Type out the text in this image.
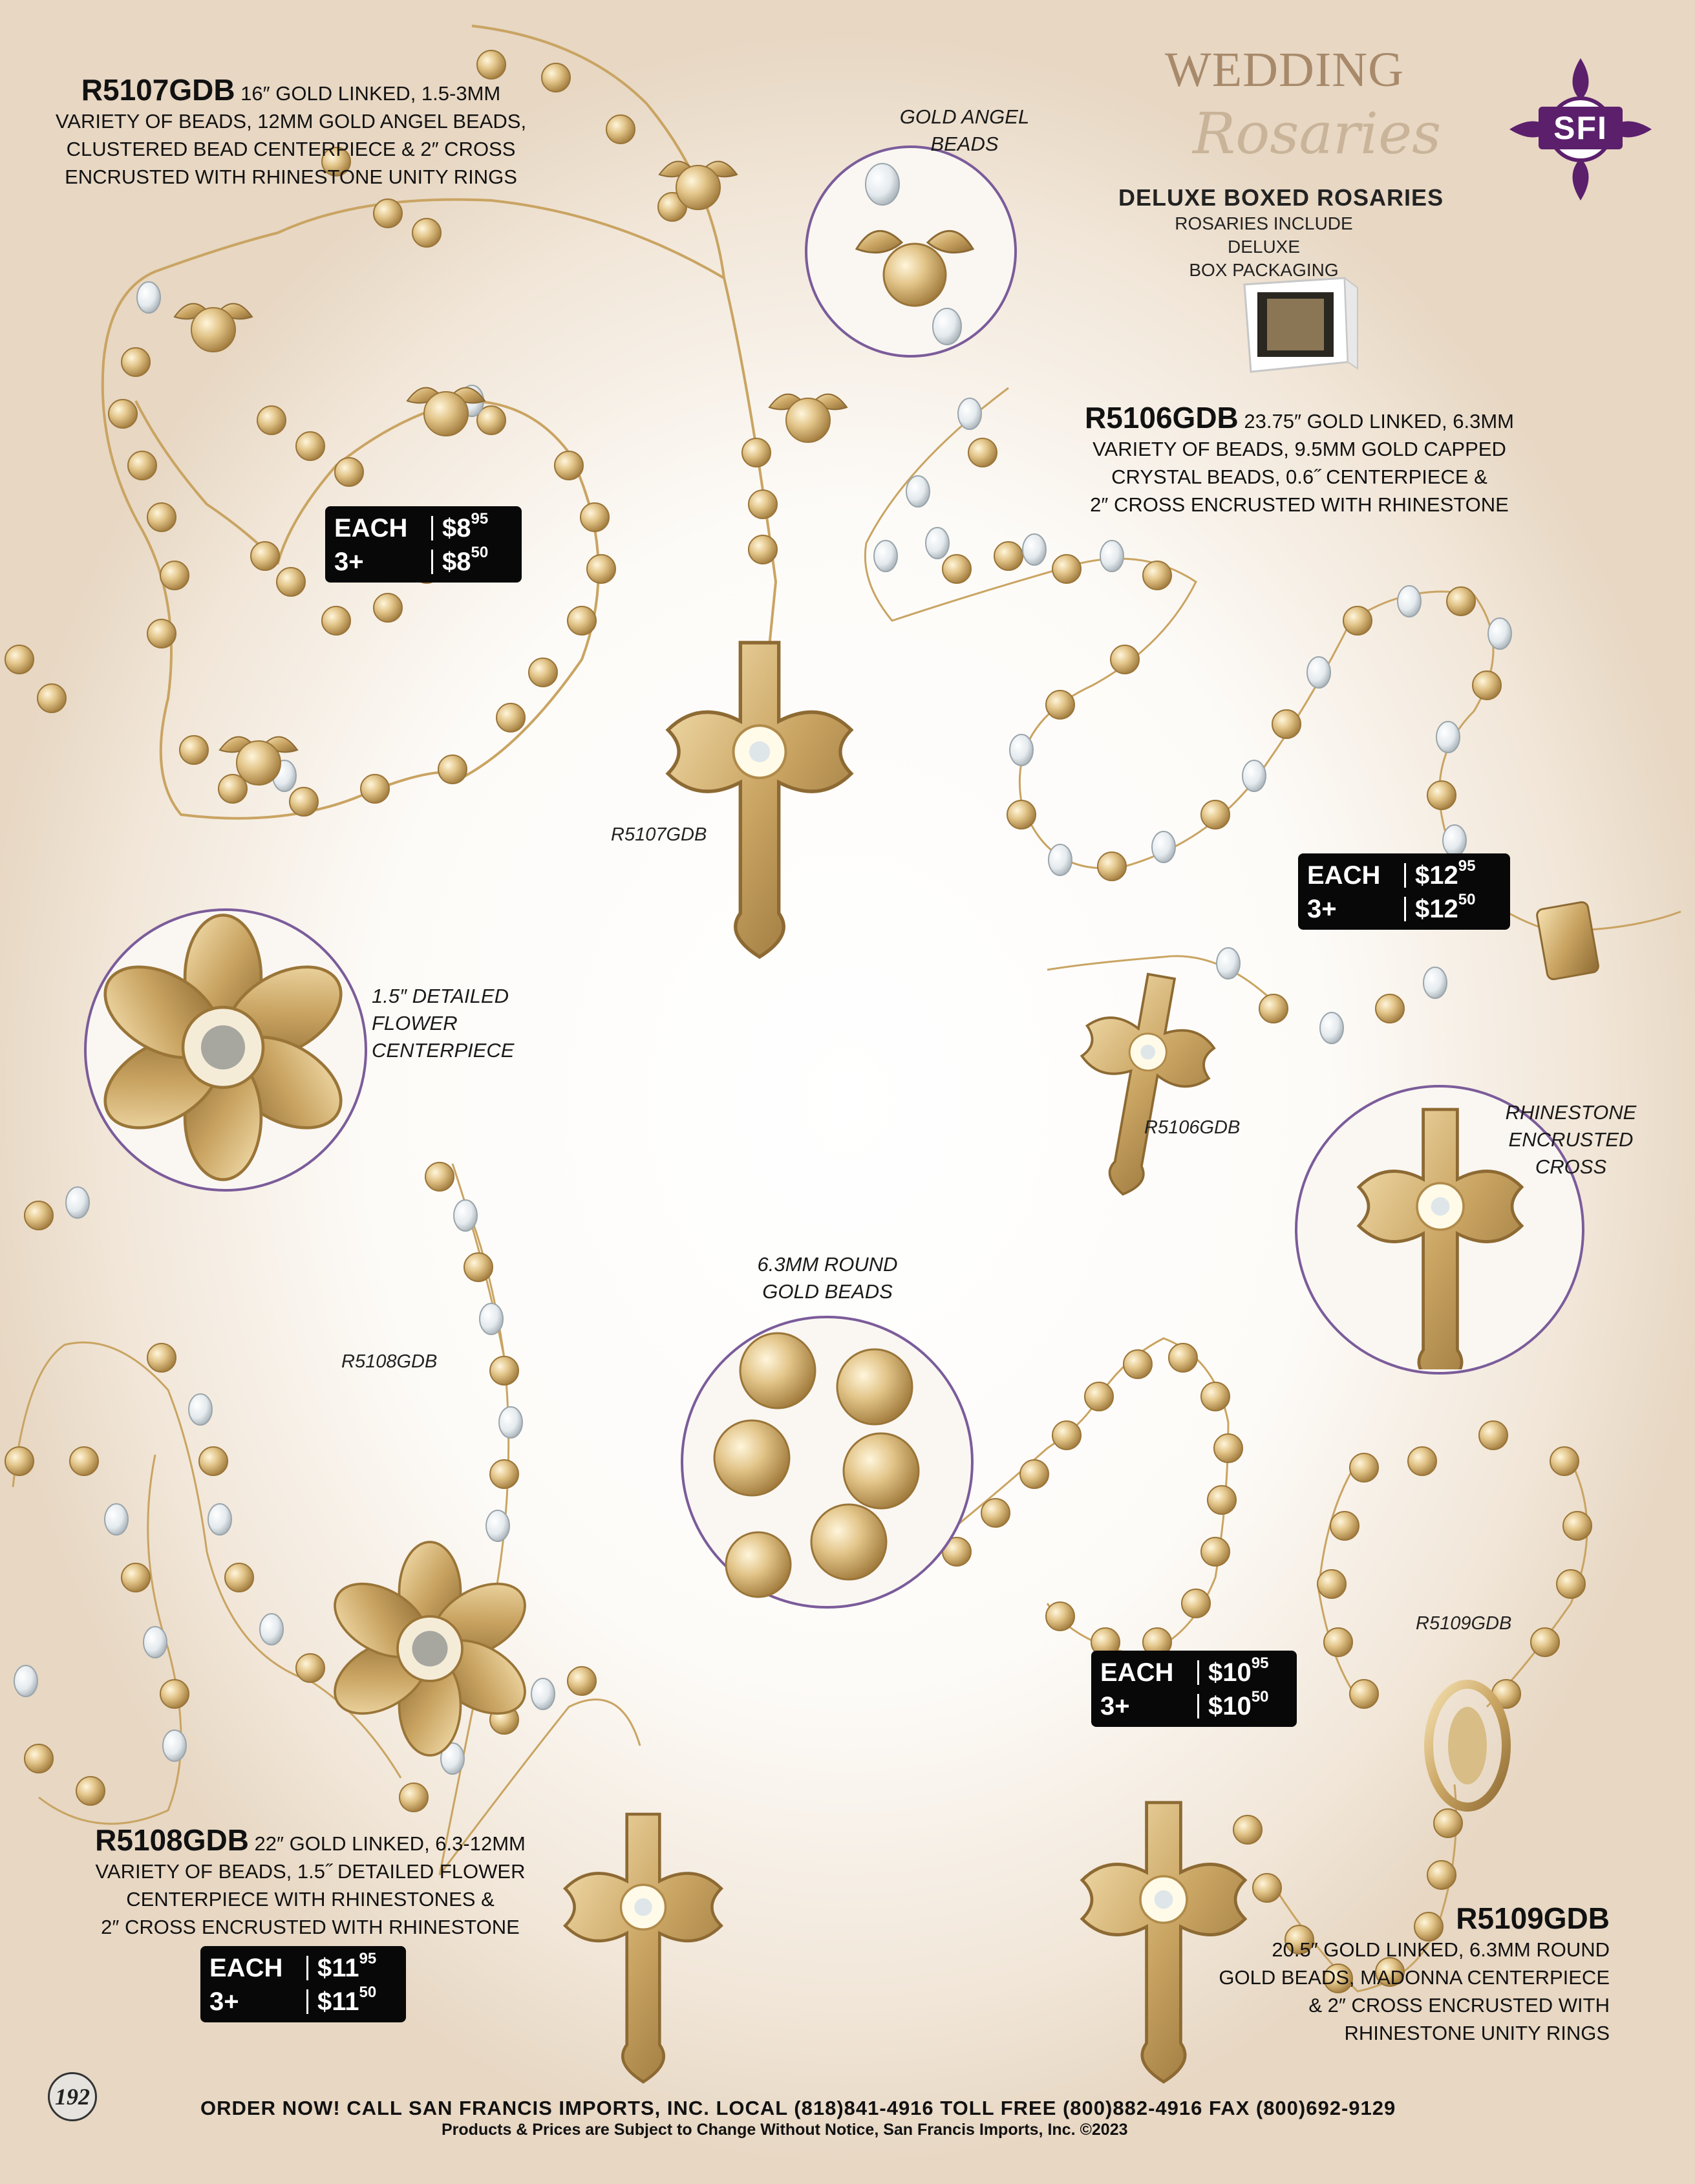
WEDDING
Rosaries
DELUXE BOXED ROSARIES
ROSARIES INCLUDE DELUXE
BOX PACKAGING
SFI
R5107GDB 16″ GOLD LINKED, 1.5-3MM
VARIETY OF BEADS, 12MM GOLD ANGEL BEADS,
CLUSTERED BEAD CENTERPIECE & 2″ CROSS
ENCRUSTED WITH RHINESTONE UNITY RINGS
GOLD ANGEL
BEADS
EACH	$8 95
3+	$8 50
R5107GDB
R5106GDB 23.75″ GOLD LINKED, 6.3MM
VARIETY OF BEADS, 9.5MM GOLD CAPPED
CRYSTAL BEADS, 0.6˝ CENTERPIECE &
2″ CROSS ENCRUSTED WITH RHINESTONE
EACH	$12 95
3+	$12 50
R5106GDB
RHINESTONE
ENCRUSTED
CROSS
1.5″ DETAILED
FLOWER
CENTERPIECE
R5108GDB
6.3MM ROUND
GOLD BEADS
EACH	$10 95
3+	$10 50
R5109GDB
R5108GDB 22″ GOLD LINKED, 6.3-12MM
VARIETY OF BEADS, 1.5˝ DETAILED FLOWER
CENTERPIECE WITH RHINESTONES &
2″ CROSS ENCRUSTED WITH RHINESTONE
EACH	$11 95
3+	$11 50
R5109GDB
20.5″ GOLD LINKED, 6.3MM ROUND
GOLD BEADS, MADONNA CENTERPIECE
& 2″ CROSS ENCRUSTED WITH
RHINESTONE UNITY RINGS
192	ORDER NOW! CALL SAN FRANCIS IMPORTS, INC. LOCAL (818)841-4916 TOLL FREE (800)882-4916 FAX (800)692-9129
Products & Prices are Subject to Change Without Notice, San Francis Imports, Inc. ©2023
